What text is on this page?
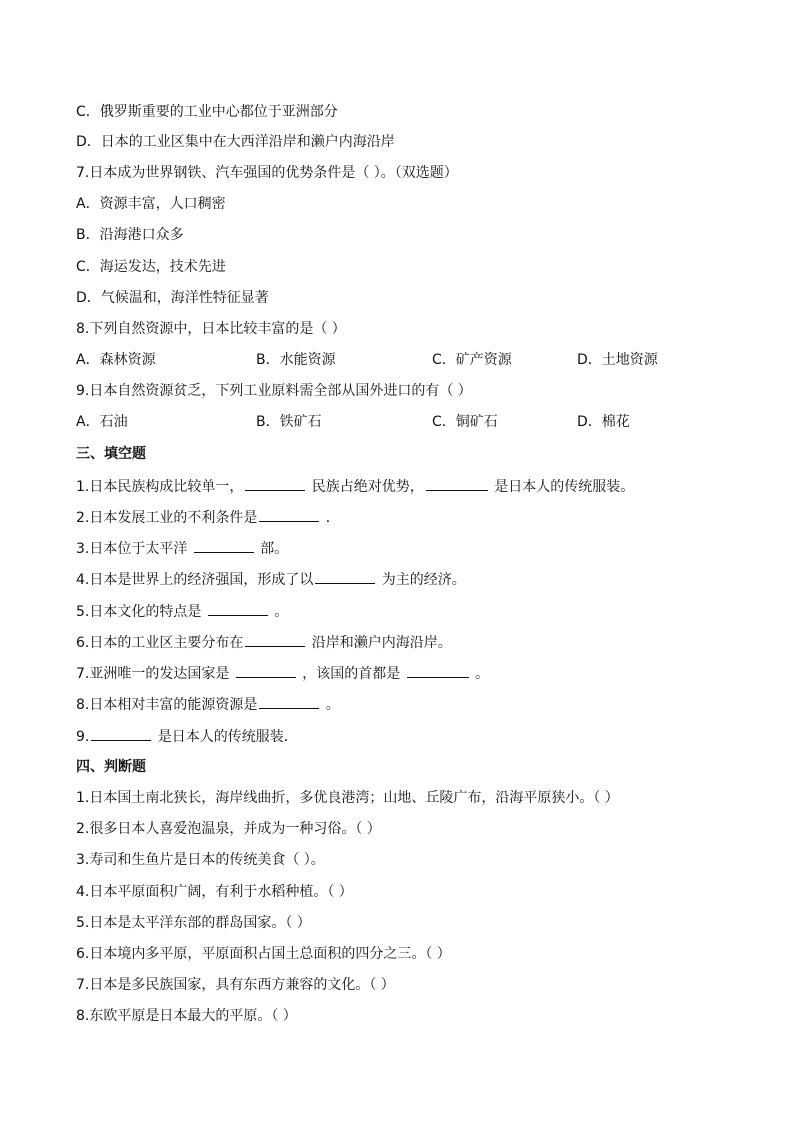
C．俄罗斯重要的工业中心都位于亚洲部分
D．日本的工业区集中在大西洋沿岸和濑户内海沿岸
7.日本成为世界钢铁、汽车强国的优势条件是（ ）。（双选题）
A．资源丰富，人口稠密
B．沿海港口众多
C．海运发达，技术先进
D．气候温和，海洋性特征显著
8.下列自然资源中，日本比较丰富的是（ ）
A．森林资源	B．水能资源	C．矿产资源	D．土地资源
9.日本自然资源贫乏，下列工业原料需全部从国外进口的有（ ）
A．石油	B．铁矿石	C．铜矿石	D．棉花
三、填空题
1.日本民族构成比较单一，	民族占绝对优势，	是日本人的传统服装。
2.日本发展工业的不利条件是	．
3.日本位于太平洋	部。
4.日本是世界上的经济强国，形成了以	为主的经济。
5.日本文化的特点是	。
6.日本的工业区主要分布在	沿岸和濑户内海沿岸。
7.亚洲唯一的发达国家是	，该国的首都是	。
8.日本相对丰富的能源资源是	。
9.	是日本人的传统服装．
四、判断题
1.日本国土南北狭长，海岸线曲折，多优良港湾；山地、丘陵广布，沿海平原狭小。（ ）
2.很多日本人喜爱泡温泉，并成为一种习俗。（ ）
3.寿司和生鱼片是日本的传统美食（ ）。
4.日本平原面积广阔，有利于水稻种植。（ ）
5.日本是太平洋东部的群岛国家。（ ）
6.日本境内多平原，平原面积占国土总面积的四分之三。（ ）
7.日本是多民族国家，具有东西方兼容的文化。（ ）
8.东欧平原是日本最大的平原。（ ）
